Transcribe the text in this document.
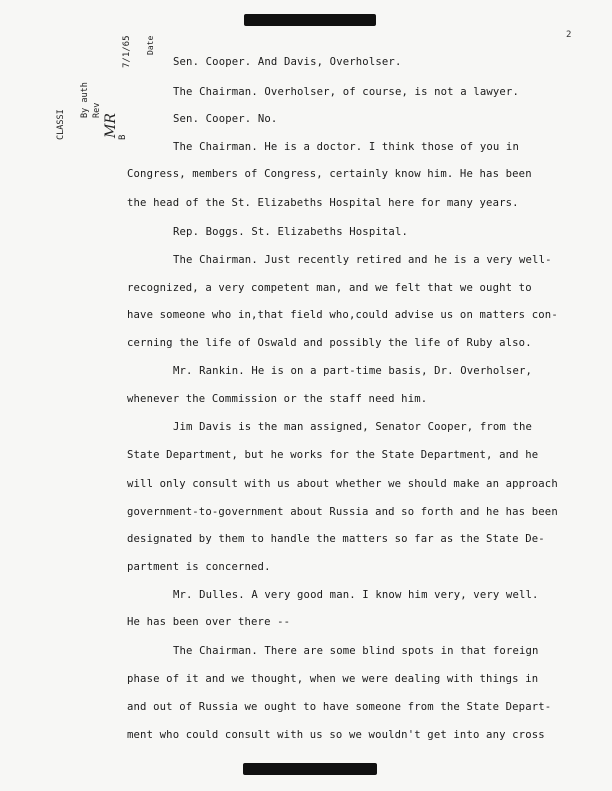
2
CLASSI
By auth Rev
B
MR
Date
7/1/65	Sen. Cooper. And Davis, Overholser.
The Chairman. Overholser, of course, is not a lawyer.
Sen. Cooper. No.
The Chairman. He is a doctor. I think those of you in
Congress, members of Congress, certainly know him. He has been
the head of the St. Elizabeths Hospital here for many years.
Rep. Boggs. St. Elizabeths Hospital.
The Chairman. Just recently retired and he is a very well-
recognized, a very competent man, and we felt that we ought to
have someone who in,that field who,could advise us on matters con-
cerning the life of Oswald and possibly the life of Ruby also.
Mr. Rankin. He is on a part-time basis, Dr. Overholser,
whenever the Commission or the staff need him.
Jim Davis is the man assigned, Senator Cooper, from the
State Department, but he works for the State Department, and he
will only consult with us about whether we should make an approach
government-to-government about Russia and so forth and he has been
designated by them to handle the matters so far as the State De-
partment is concerned.
Mr. Dulles. A very good man. I know him very, very well.
He has been over there --
The Chairman. There are some blind spots in that foreign
phase of it and we thought, when we were dealing with things in
and out of Russia we ought to have someone from the State Depart-
ment who could consult with us so we wouldn't get into any cross
